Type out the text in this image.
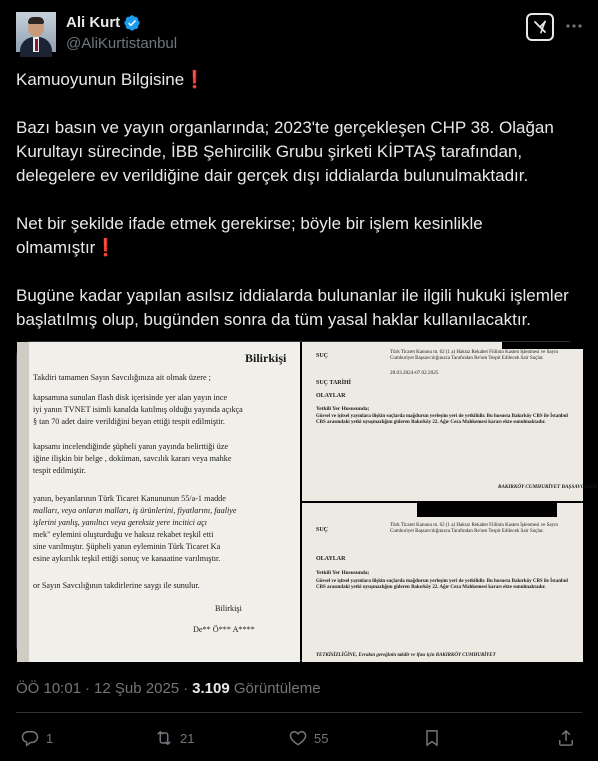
Ali Kurt
@AliKurtistanbul

Kamuoyunun Bilgisine❗

Bazı basın ve yayın organlarında; 2023'te gerçekleşen CHP 38. Olağan Kurultayı sürecinde, İBB Şehircilik Grubu şirketi KİPTAŞ tarafından, delegelere ev verildiğine dair gerçek dışı iddialarda bulunulmaktadır.

Net bir şekilde ifade etmek gerekirse; böyle bir işlem kesinlikle olmamıştır❗

Bugüne kadar yapılan asılsız iddialarda bulunanlar ile ilgili hukuki işlemler başlatılmış olup, bugünden sonra da tüm yasal haklar kullanılacaktır.

Bilirkişi
Takdiri tamamen Sayın Savcılığınıza ait olmak üzere ;
kapsamına sunulan flash disk içerisinde yer alan yayın ince
iyi yanın TVNET isimli kanalda katılmış olduğu yayında açıkça
§ tan 70 adet daire verildiğini beyan ettiği tespit edilmiştir.
kapsamı incelendiğinde şüpheli yanın yayında belirttiği üze
iğine ilişkin bir belge , doküman, savcılık kararı veya mahke
tespit edilmiştir.
yanın, beyanlarının Türk Ticaret Kanununun 55/a-1 madde
malları, veya onların malları, iş ürünlerini, fiyatlarını, faaliye
işlerini yanlış, yanıltıcı veya gereksiz yere incitici açı
mek" eylemini oluşturduğu ve haksız rekabet teşkil etti
sine varılmıştır. Şüpheli yanın eyleminin Türk Ticaret Ka
esine aykırılık teşkil ettiği sonuç ve kanaatine varılmıştır.
or Sayın Savcılığının takdirlerine saygı ile sunulur.
Bilirkişi
De** Ö*** A****
SUÇ
Türk Ticaret Kanunu m. 62 (1 a) Haksız Rekabet Fiilinin Kasten İşlenmesi ve Sayın Cumhuriyet Başsavcılığınızca Tarafından Re'sen Tespit Edilecek Sair Suçlar.
SUÇ TARİHİ
28.03.2024-07.02.2025
OLAYLAR
Yetkili Yer Hususunda;
Görsel ve işitsel yayınlara ilişkin suçlarda mağdurun yerleşim yeri de yetkilidir. Bu hususta Bakırköy CBS ile İstanbul CBS arasındaki yetki uyuşmazlığını gideren Bakırköy 22. Ağır Ceza Mahkemesi kararı ekte sunulmaktadır.
BAKIRKÖY CUMHURİYET BAŞSAVCILIĞI
SUÇ
Türk Ticaret Kanunu m. 62 (1 a) Haksız Rekabet Fiilinin Kasten İşlenmesi ve Sayın Cumhuriyet Başsavcılığınızca Tarafından Re'sen Tespit Edilecek Sair Suçlar.
OLAYLAR
Yetkili Yer Hususunda;
Görsel ve işitsel yayınlara ilişkin suçlarda mağdurun yerleşim yeri de yetkilidir. Bu hususta Bakırköy CBS ile İstanbul CBS arasındaki yetki uyuşmazlığını gideren Bakırköy 22. Ağır Ceza Mahkemesi kararı ekte sunulmaktadır.
YETKİSİZLİĞİNE, Evrakın gereğinin takdir ve ifası için BAKIRKÖY CUMHURİYET
ÖÖ 10:01 · 12 Şub 2025 · 3.109 Görüntüleme
1	21	55
